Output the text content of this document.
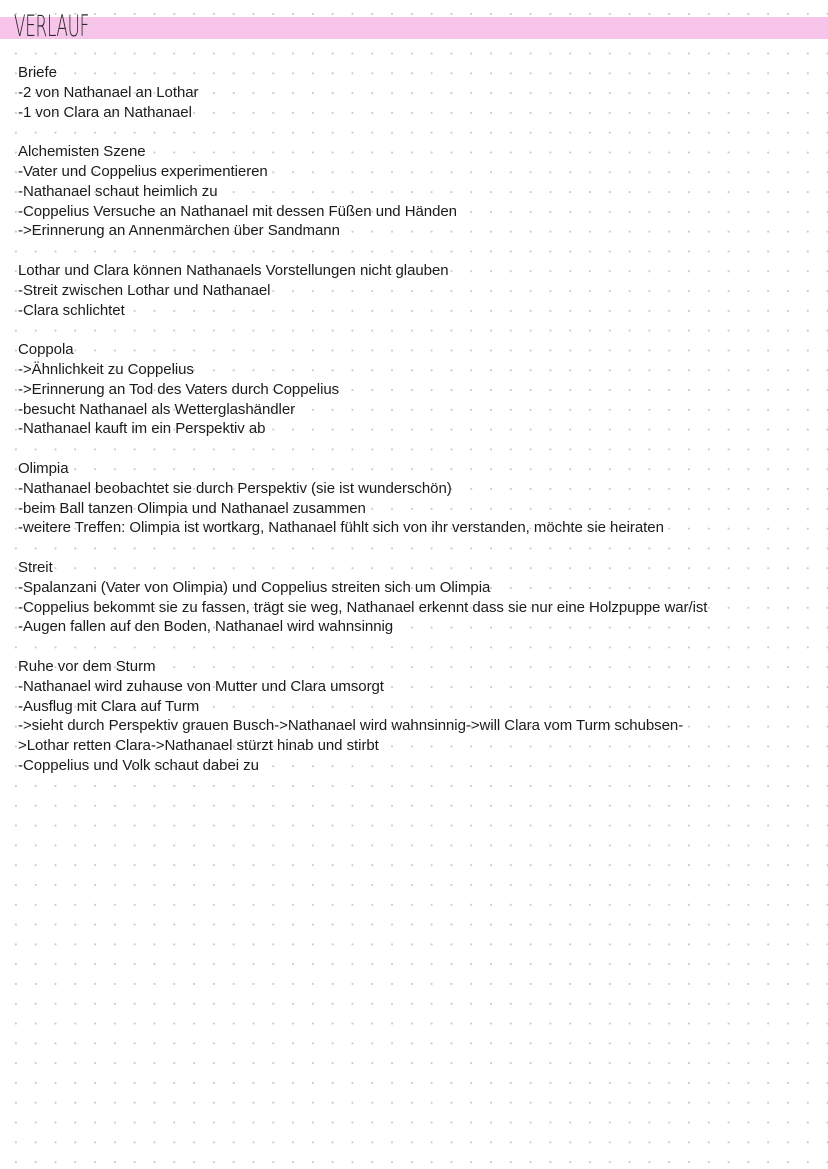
VERLAUF
Briefe
-2 von Nathanael an Lothar
-1 von Clara an Nathanael
Alchemisten Szene
-Vater und Coppelius experimentieren
-Nathanael schaut heimlich zu
-Coppelius Versuche an Nathanael mit dessen Füßen und Händen
->Erinnerung an Annenmärchen über Sandmann
Lothar und Clara können Nathanaels Vorstellungen nicht glauben
-Streit zwischen Lothar und Nathanael
-Clara schlichtet
Coppola
->Ähnlichkeit zu Coppelius
->Erinnerung an Tod des Vaters durch Coppelius
-besucht Nathanael als Wetterglashändler
-Nathanael kauft im ein Perspektiv ab
Olimpia
-Nathanael beobachtet sie durch Perspektiv (sie ist wunderschön)
-beim Ball tanzen Olimpia und Nathanael zusammen
-weitere Treffen: Olimpia ist wortkarg, Nathanael fühlt sich von ihr verstanden, möchte sie heiraten
Streit
-Spalanzani (Vater von Olimpia) und Coppelius streiten sich um Olimpia
-Coppelius bekommt sie zu fassen, trägt sie weg, Nathanael erkennt dass sie nur eine Holzpuppe war/ist
-Augen fallen auf den Boden, Nathanael wird wahnsinnig
Ruhe vor dem Sturm
-Nathanael wird zuhause von Mutter und Clara umsorgt
-Ausflug mit Clara auf Turm
->sieht durch Perspektiv grauen Busch->Nathanael wird wahnsinnig->will Clara vom Turm schubsen-
>Lothar retten Clara->Nathanael stürzt hinab und stirbt
-Coppelius und Volk schaut dabei zu
